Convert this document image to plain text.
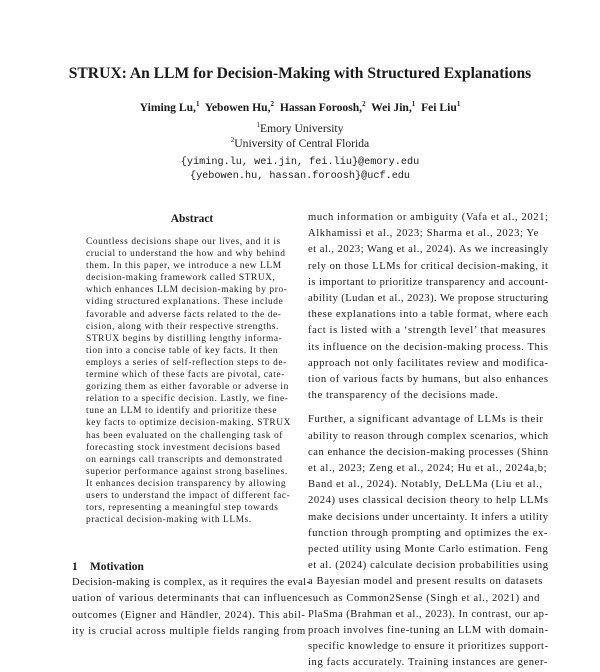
STRUX: An LLM for Decision-Making with Structured Explanations
Yiming Lu,$^1$ Yebowen Hu,$^2$ Hassan Foroosh,$^2$ Wei Jin,$^1$ Fei Liu$^1$
$^1$Emory University
$^2$University of Central Florida
{yiming.lu, wei.jin, fei.liu}@emory.edu
{yebowen.hu, hassan.foroosh}@ucf.edu
Abstract
Countless decisions shape our lives, and it is
crucial to understand the how and why behind
them. In this paper, we introduce a new LLM
decision-making framework called STRUX,
which enhances LLM decision-making by pro-
viding structured explanations. These include
favorable and adverse facts related to the de-
cision, along with their respective strengths.
STRUX begins by distilling lengthy informa-
tion into a concise table of key facts. It then
employs a series of self-reflection steps to de-
termine which of these facts are pivotal, cate-
gorizing them as either favorable or adverse in
relation to a specific decision. Lastly, we fine-
tune an LLM to identify and prioritize these
key facts to optimize decision-making. STRUX
has been evaluated on the challenging task of
forecasting stock investment decisions based
on earnings call transcripts and demonstrated
superior performance against strong baselines.
It enhances decision transparency by allowing
users to understand the impact of different fac-
tors, representing a meaningful step towards
practical decision-making with LLMs.
1 Motivation
Decision-making is complex, as it requires the eval-
uation of various determinants that can influence
outcomes (Eigner and Händler, 2024). This abil-
ity is crucial across multiple fields ranging from
much information or ambiguity (Vafa et al., 2021;
Alkhamissi et al., 2023; Sharma et al., 2023; Ye
et al., 2023; Wang et al., 2024). As we increasingly
rely on those LLMs for critical decision-making, it
is important to prioritize transparency and account-
ability (Ludan et al., 2023). We propose structuring
these explanations into a table format, where each
fact is listed with a ‘strength level’ that measures
its influence on the decision-making process. This
approach not only facilitates review and modifica-
tion of various facts by humans, but also enhances
the transparency of the decisions made.
Further, a significant advantage of LLMs is their
ability to reason through complex scenarios, which
can enhance the decision-making processes (Shinn
et al., 2023; Zeng et al., 2024; Hu et al., 2024a,b;
Band et al., 2024). Notably, DeLLMa (Liu et al.,
2024) uses classical decision theory to help LLMs
make decisions under uncertainty. It infers a utility
function through prompting and optimizes the ex-
pected utility using Monte Carlo estimation. Feng
et al. (2024) calculate decision probabilities using
a Bayesian model and present results on datasets
such as Common2Sense (Singh et al., 2021) and
PlaSma (Brahman et al., 2023). In contrast, our ap-
proach involves fine-tuning an LLM with domain-
specific knowledge to ensure it prioritizes support-
ing facts accurately. Training instances are gener-
